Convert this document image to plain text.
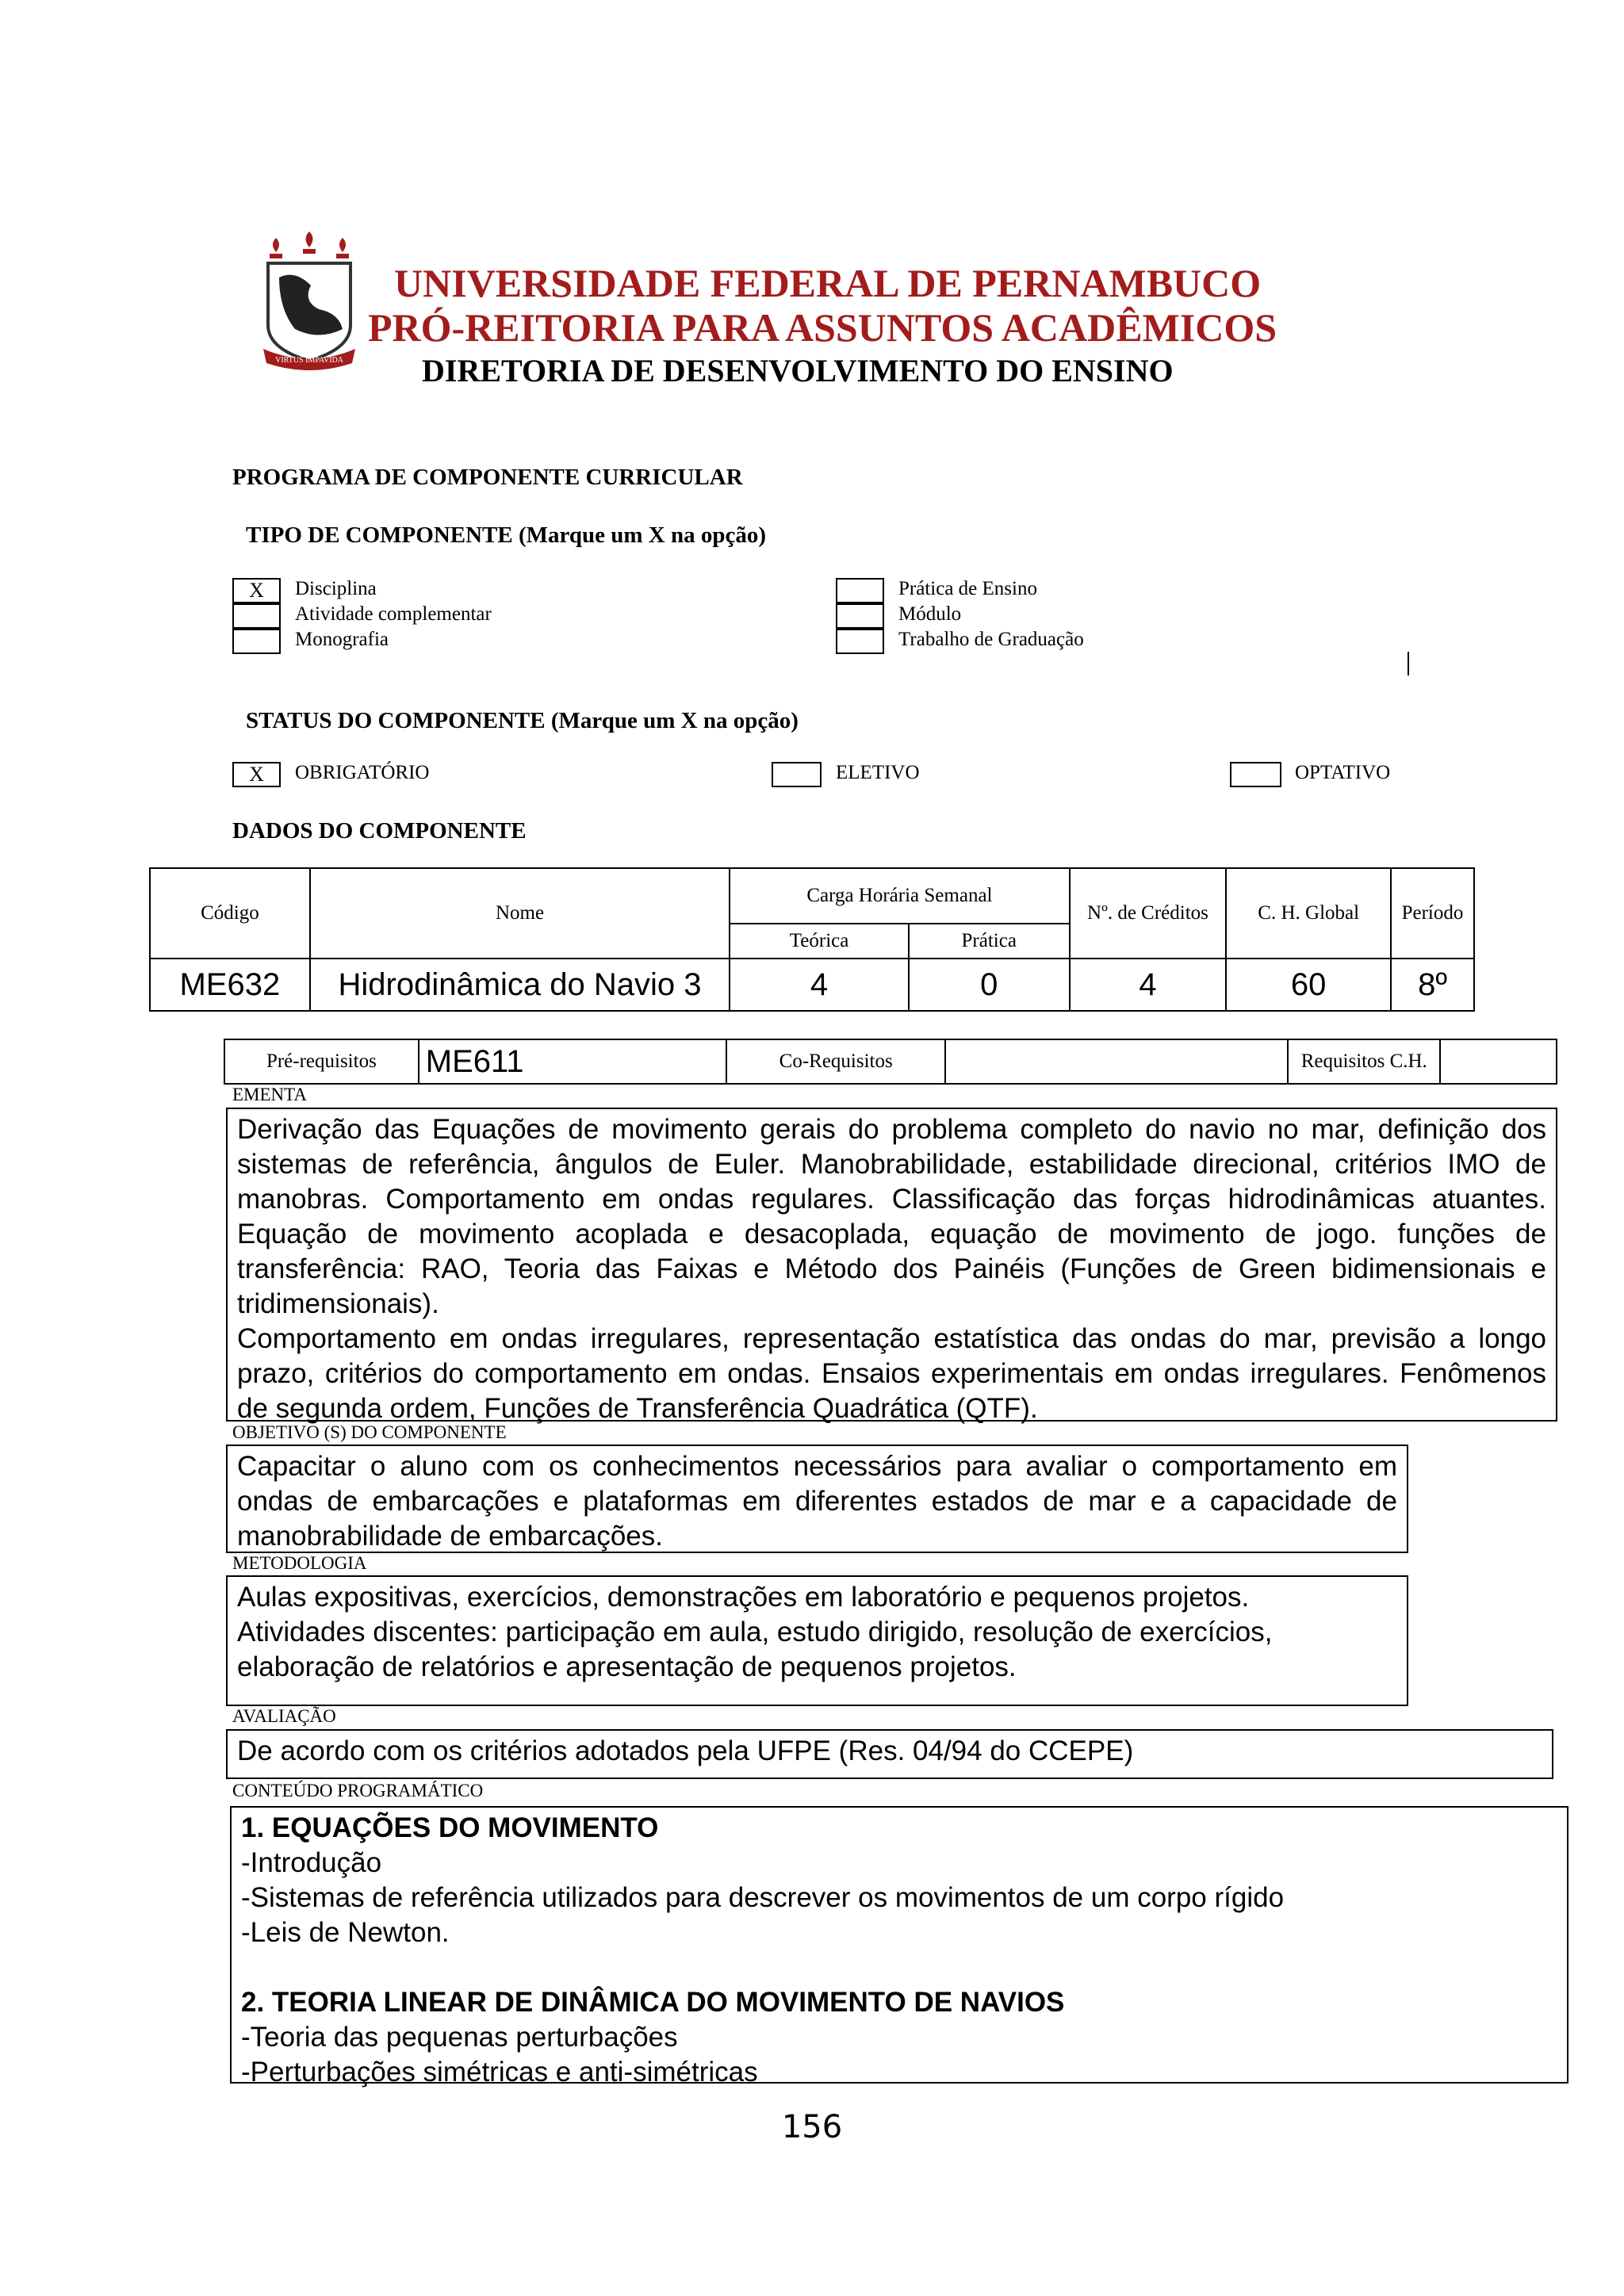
VIRTUS IMPAVIDA
UNIVERSIDADE FEDERAL DE PERNAMBUCO
PRÓ-REITORIA PARA ASSUNTOS ACADÊMICOS
DIRETORIA DE DESENVOLVIMENTO DO ENSINO
PROGRAMA DE COMPONENTE CURRICULAR
TIPO DE COMPONENTE (Marque um X na opção)
X	Disciplina
Atividade complementar
Monografia
Prática de Ensino
Módulo
Trabalho de Graduação
STATUS DO COMPONENTE (Marque um X na opção)
X	OBRIGATÓRIO	ELETIVO	OPTATIVO
DADOS DO COMPONENTE
Código	Nome	Carga Horária Semanal		Nº. de Créditos	C. H. Global	Período
		Teórica	Prática			
ME632	Hidrodinâmica do Navio 3	4	0	4	60	8º
Pré-requisitos	ME611	Co-Requisitos		Requisitos C.H.	
EMENTA
Derivação das Equações de movimento gerais do problema completo do navio no mar, definição dos sistemas de referência, ângulos de Euler. Manobrabilidade, estabilidade direcional, critérios IMO de manobras. Comportamento em ondas regulares. Classificação das forças hidrodinâmicas atuantes. Equação de movimento acoplada e desacoplada, equação de movimento de jogo. funções de transferência: RAO, Teoria das Faixas e Método dos Painéis (Funções de Green bidimensionais e tridimensionais).
Comportamento em ondas irregulares, representação estatística das ondas do mar, previsão a longo prazo, critérios do comportamento em ondas. Ensaios experimentais em ondas irregulares. Fenômenos de segunda ordem, Funções de Transferência Quadrática (QTF).
OBJETIVO (S) DO COMPONENTE
Capacitar o aluno com os conhecimentos necessários para avaliar o comportamento em ondas de embarcações e plataformas em diferentes estados de mar e a capacidade de manobrabilidade de embarcações.
METODOLOGIA
Aulas expositivas, exercícios, demonstrações em laboratório e pequenos projetos.
Atividades discentes: participação em aula, estudo dirigido, resolução de exercícios, elaboração de relatórios e apresentação de pequenos projetos.
AVALIAÇÃO
De acordo com os critérios adotados pela UFPE (Res. 04/94 do CCEPE)
CONTEÚDO PROGRAMÁTICO
1. EQUAÇÕES DO MOVIMENTO
-Introdução
-Sistemas de referência utilizados para descrever os movimentos de um corpo rígido
-Leis de Newton.
2. TEORIA LINEAR DE DINÂMICA DO MOVIMENTO DE NAVIOS
-Teoria das pequenas perturbações
-Perturbações simétricas e anti-simétricas
156
